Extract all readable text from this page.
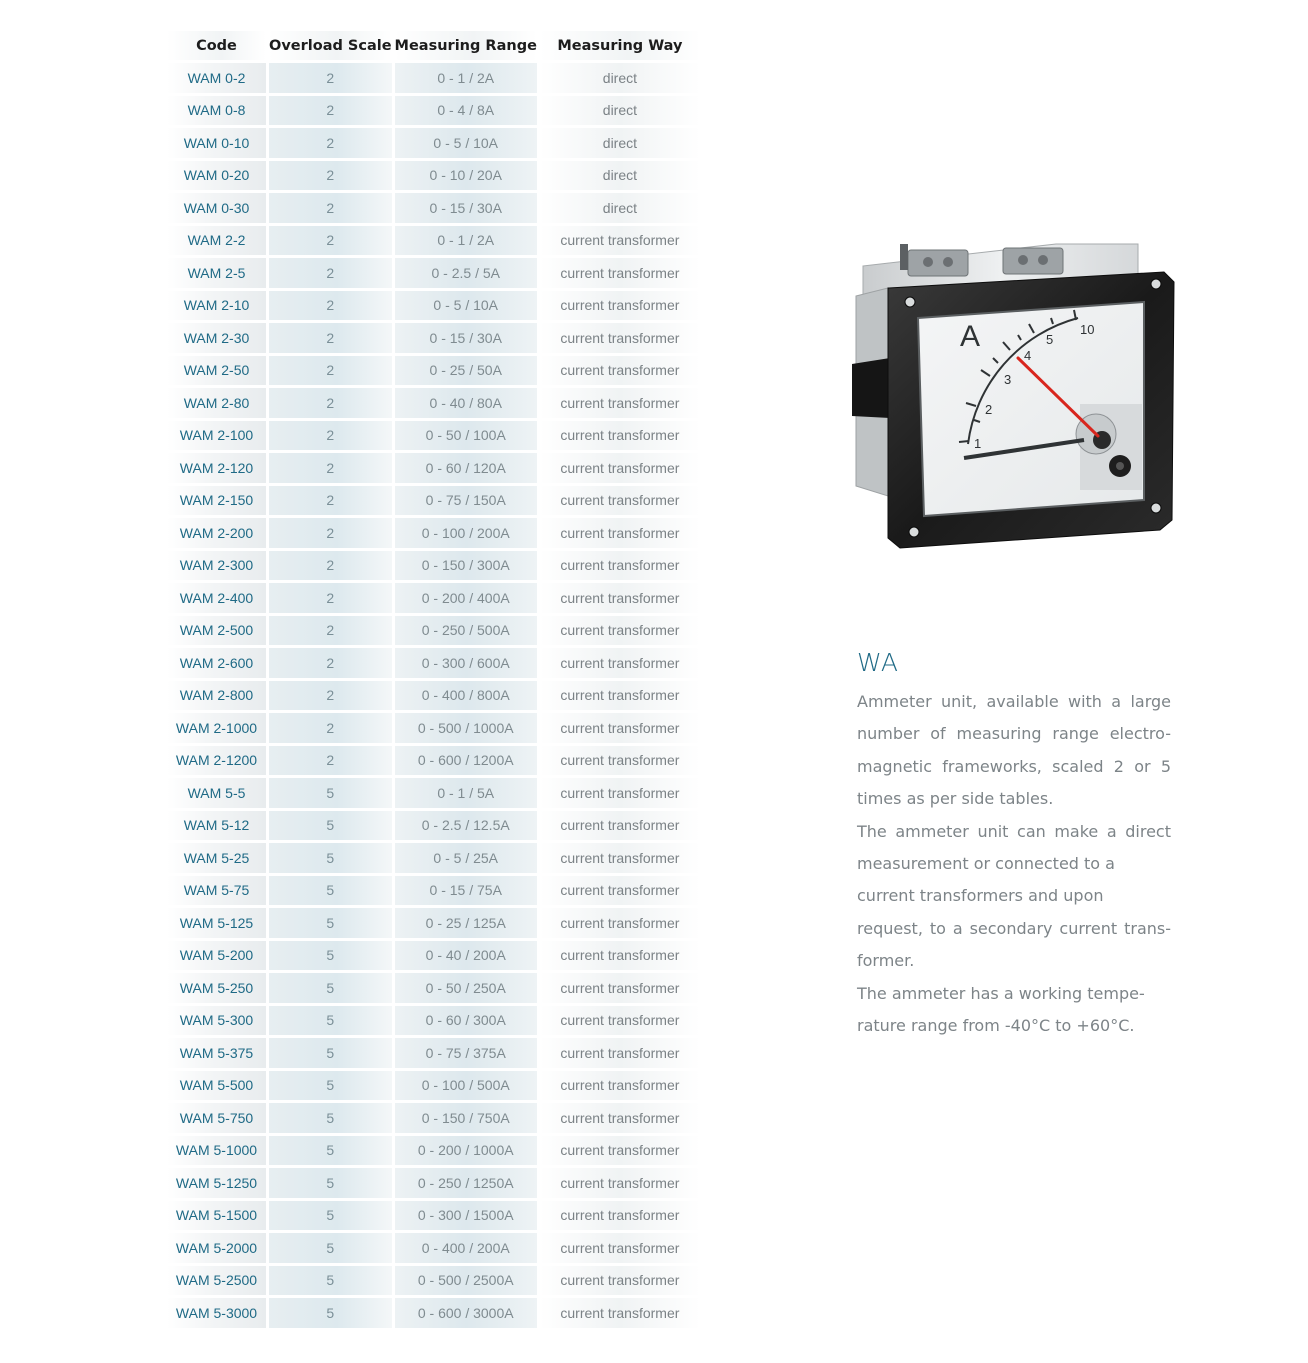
Code	Overload Scale	Measuring Range	Measuring Way
WAM 0-2	2	0 - 1 / 2A	direct
WAM 0-8	2	0 - 4 / 8A	direct
WAM 0-10	2	0 - 5 / 10A	direct
WAM 0-20	2	0 - 10 / 20A	direct
WAM 0-30	2	0 - 15 / 30A	direct
WAM 2-2	2	0 - 1 / 2A	current transformer
WAM 2-5	2	0 - 2.5 / 5A	current transformer
WAM 2-10	2	0 - 5 / 10A	current transformer
WAM 2-30	2	0 - 15 / 30A	current transformer
WAM 2-50	2	0 - 25 / 50A	current transformer
WAM 2-80	2	0 - 40 / 80A	current transformer
WAM 2-100	2	0 - 50 / 100A	current transformer
WAM 2-120	2	0 - 60 / 120A	current transformer
WAM 2-150	2	0 - 75 / 150A	current transformer
WAM 2-200	2	0 - 100 / 200A	current transformer
WAM 2-300	2	0 - 150 / 300A	current transformer
WAM 2-400	2	0 - 200 / 400A	current transformer
WAM 2-500	2	0 - 250 / 500A	current transformer
WAM 2-600	2	0 - 300 / 600A	current transformer
WAM 2-800	2	0 - 400 / 800A	current transformer
WAM 2-1000	2	0 - 500 / 1000A	current transformer
WAM 2-1200	2	0 - 600 / 1200A	current transformer
WAM 5-5	5	0 - 1 / 5A	current transformer
WAM 5-12	5	0 - 2.5 / 12.5A	current transformer
WAM 5-25	5	0 - 5 / 25A	current transformer
WAM 5-75	5	0 - 15 / 75A	current transformer
WAM 5-125	5	0 - 25 / 125A	current transformer
WAM 5-200	5	0 - 40 / 200A	current transformer
WAM 5-250	5	0 - 50 / 250A	current transformer
WAM 5-300	5	0 - 60 / 300A	current transformer
WAM 5-375	5	0 - 75 / 375A	current transformer
WAM 5-500	5	0 - 100 / 500A	current transformer
WAM 5-750	5	0 - 150 / 750A	current transformer
WAM 5-1000	5	0 - 200 / 1000A	current transformer
WAM 5-1250	5	0 - 250 / 1250A	current transformer
WAM 5-1500	5	0 - 300 / 1500A	current transformer
WAM 5-2000	5	0 - 400 / 200A	current transformer
WAM 5-2500	5	0 - 500 / 2500A	current transformer
WAM 5-3000	5	0 - 600 / 3000A	current transformer
1
2
3
4
5
10
A
WA

Ammeter unit, available with a large number of measuring range electro-magnetic frameworks, scaled 2 or 5 times as per side tables.

The ammeter unit can make a direct

measurement or connected to a

current transformers and upon

request, to a secondary current trans-

former.

The ammeter has a working tempe-

rature range from -40°C to +60°C.
